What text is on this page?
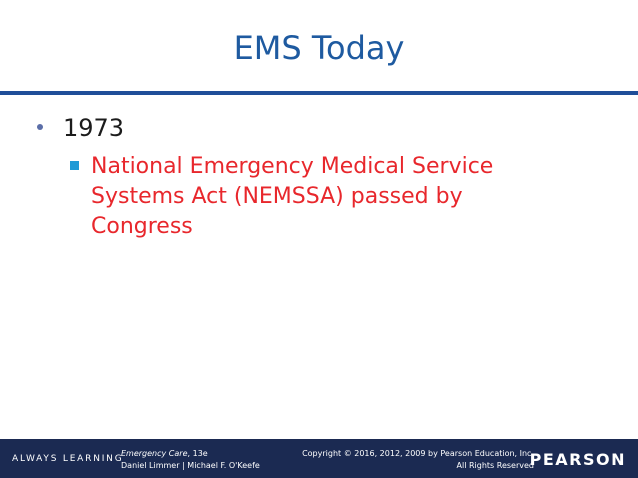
EMS Today
1973
National Emergency Medical Service Systems Act (NEMSSA) passed by Congress
ALWAYS LEARNING
Emergency Care, 13e
Daniel Limmer | Michael F. O'Keefe
Copyright © 2016, 2012, 2009 by Pearson Education, Inc.
All Rights Reserved
PEARSON
